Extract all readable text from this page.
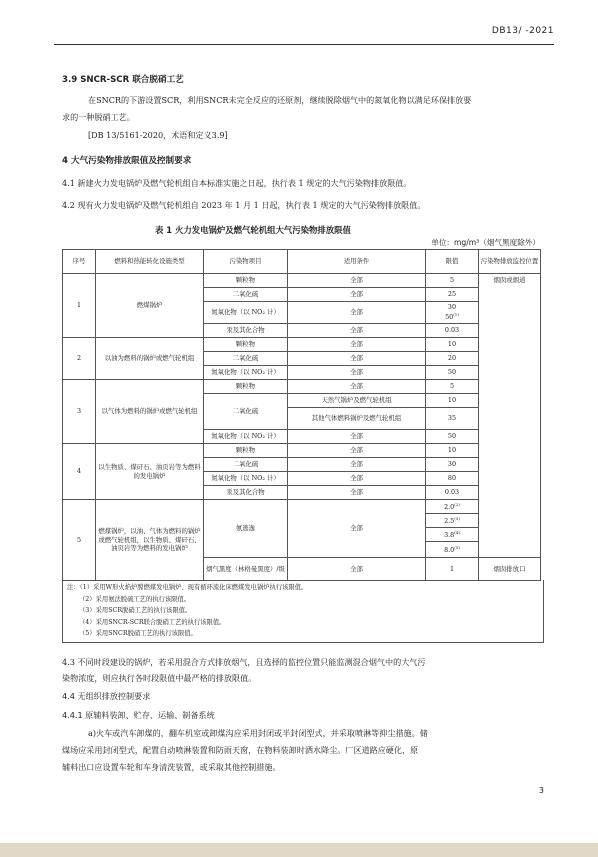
DB13/ -2021
3.9 SNCR-SCR 联合脱硝工艺
在SNCR的下游设置SCR，利用SNCR未完全反应的还原剂，继续脱除烟气中的氮氧化物以满足环保排放要
求的一种脱硝工艺。
[DB 13/5161-2020，术语和定义3.9]
4 大气污染物排放限值及控制要求
4.1 新建火力发电锅炉及燃气轮机组自本标准实施之日起，执行表 1 规定的大气污染物排放限值。
4.2 现有火力发电锅炉及燃气轮机组自 2023 年 1 月 1 日起，执行表 1 规定的大气污染物排放限值。
表 1 火力发电锅炉及燃气轮机组大气污染物排放限值
单位：mg/m³（烟气黑度除外）
序号	燃料和热能转化设施类型	污染物项目	适用条件	限值	污染物排放监控位置
1	燃煤锅炉	颗粒物	全部	5	烟囱或烟道
		二氧化硫	全部	25	
		氮氧化物（以 NO₂ 计）	全部	30
50$^{(1)}$

		汞及其化合物	全部	0.03	
2	以油为燃料的锅炉或燃气轮机组	颗粒物	全部	10	
		二氧化硫	全部	20	
		氮氧化物（以 NO₂ 计）	全部	50	
3	以气体为燃料的锅炉或燃气轮机组	颗粒物	全部	5	
		二氧化硫	天然气锅炉及燃气轮机组	10	
			其他气体燃料锅炉及燃气轮机组	35	
		氮氧化物（以 NO₂ 计）	全部	50	
4	以生物质、煤矸石、油页岩等为燃料的发电锅炉	颗粒物	全部	10	
		二氧化硫	全部	30	
		氮氧化物（以 NO₂ 计）	全部	80	
		汞及其化合物	全部	0.03	
5	燃煤锅炉，以油、气体为燃料的锅炉或燃气轮机组，以生物质、煤矸石、油页岩等为燃料的发电锅炉	氨逃逸	全部	2.0$^{(2)}$
				2.5$^{(3)}$
				3.8$^{(4)}$
				8.0$^{(5)}$
		烟气黑度（林格曼黑度）/级	全部	1	烟囱排放口
注：（1）采用W形火焰炉膛燃煤发电锅炉、现有循环流化床燃煤发电锅炉执行该限值。
（2）采用氨法脱硫工艺的执行该限值。
（3）采用SCR脱硝工艺的执行该限值。
（4）采用SNCR-SCR联合脱硝工艺的执行该限值。
（5）采用SNCR脱硝工艺的执行该限值。
4.3 不同时段建设的锅炉，若采用混合方式排放烟气，且选择的监控位置只能监测混合烟气中的大气污
染物浓度，则应执行各时段限值中最严格的排放限值。
4.4 无组织排放控制要求
4.4.1 原辅料装卸、贮存、运输、制备系统
a)火车或汽车卸煤的，翻车机室或卸煤沟应采用封闭或半封闭型式，并采取喷淋等抑尘措施。储
煤场应采用封闭型式，配置自动喷淋装置和防雨天窗，在物料装卸时洒水降尘。厂区道路应硬化，原
辅料出口应设置车轮和车身清洗装置，或采取其他控制措施。
3
